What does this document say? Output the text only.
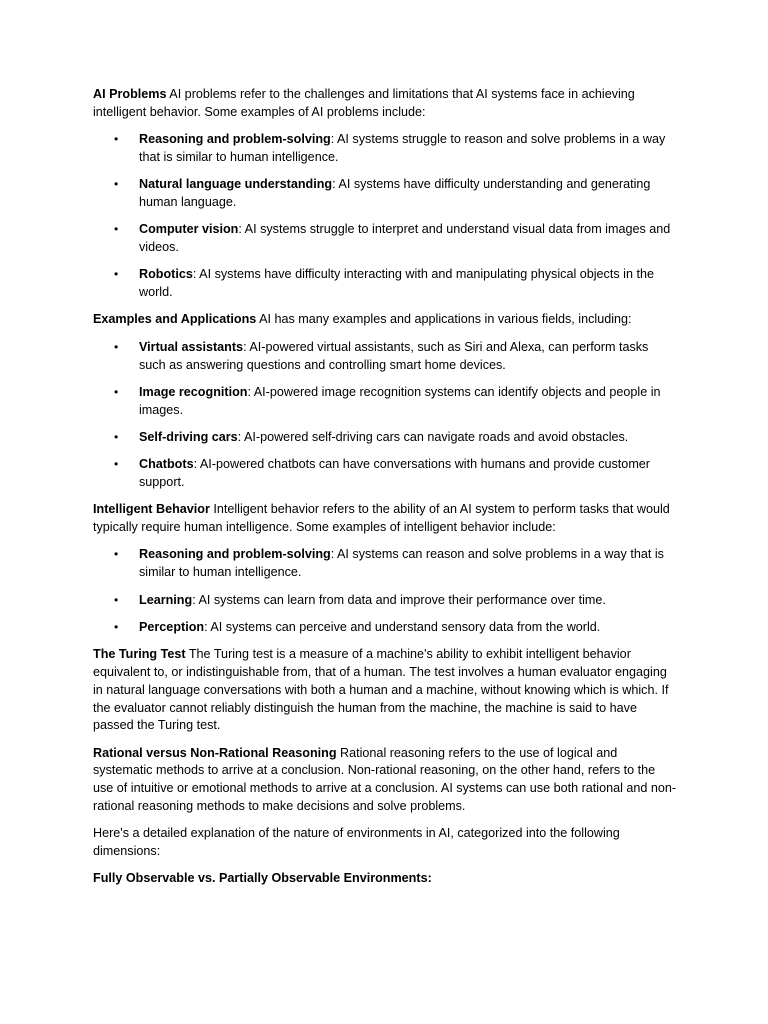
AI Problems AI problems refer to the challenges and limitations that AI systems face in achieving intelligent behavior. Some examples of AI problems include:

• Reasoning and problem-solving: AI systems struggle to reason and solve problems in a way that is similar to human intelligence.
• Natural language understanding: AI systems have difficulty understanding and generating human language.
• Computer vision: AI systems struggle to interpret and understand visual data from images and videos.
• Robotics: AI systems have difficulty interacting with and manipulating physical objects in the world.

Examples and Applications AI has many examples and applications in various fields, including:

• Virtual assistants: AI-powered virtual assistants, such as Siri and Alexa, can perform tasks such as answering questions and controlling smart home devices.
• Image recognition: AI-powered image recognition systems can identify objects and people in images.
• Self-driving cars: AI-powered self-driving cars can navigate roads and avoid obstacles.
• Chatbots: AI-powered chatbots can have conversations with humans and provide customer support.

Intelligent Behavior Intelligent behavior refers to the ability of an AI system to perform tasks that would typically require human intelligence. Some examples of intelligent behavior include:

• Reasoning and problem-solving: AI systems can reason and solve problems in a way that is similar to human intelligence.
• Learning: AI systems can learn from data and improve their performance over time.
• Perception: AI systems can perceive and understand sensory data from the world.

The Turing Test The Turing test is a measure of a machine's ability to exhibit intelligent behavior equivalent to, or indistinguishable from, that of a human. The test involves a human evaluator engaging in natural language conversations with both a human and a machine, without knowing which is which. If the evaluator cannot reliably distinguish the human from the machine, the machine is said to have passed the Turing test.

Rational versus Non-Rational Reasoning Rational reasoning refers to the use of logical and systematic methods to arrive at a conclusion. Non-rational reasoning, on the other hand, refers to the use of intuitive or emotional methods to arrive at a conclusion. AI systems can use both rational and non-rational reasoning methods to make decisions and solve problems.

Here's a detailed explanation of the nature of environments in AI, categorized into the following dimensions:

Fully Observable vs. Partially Observable Environments:
